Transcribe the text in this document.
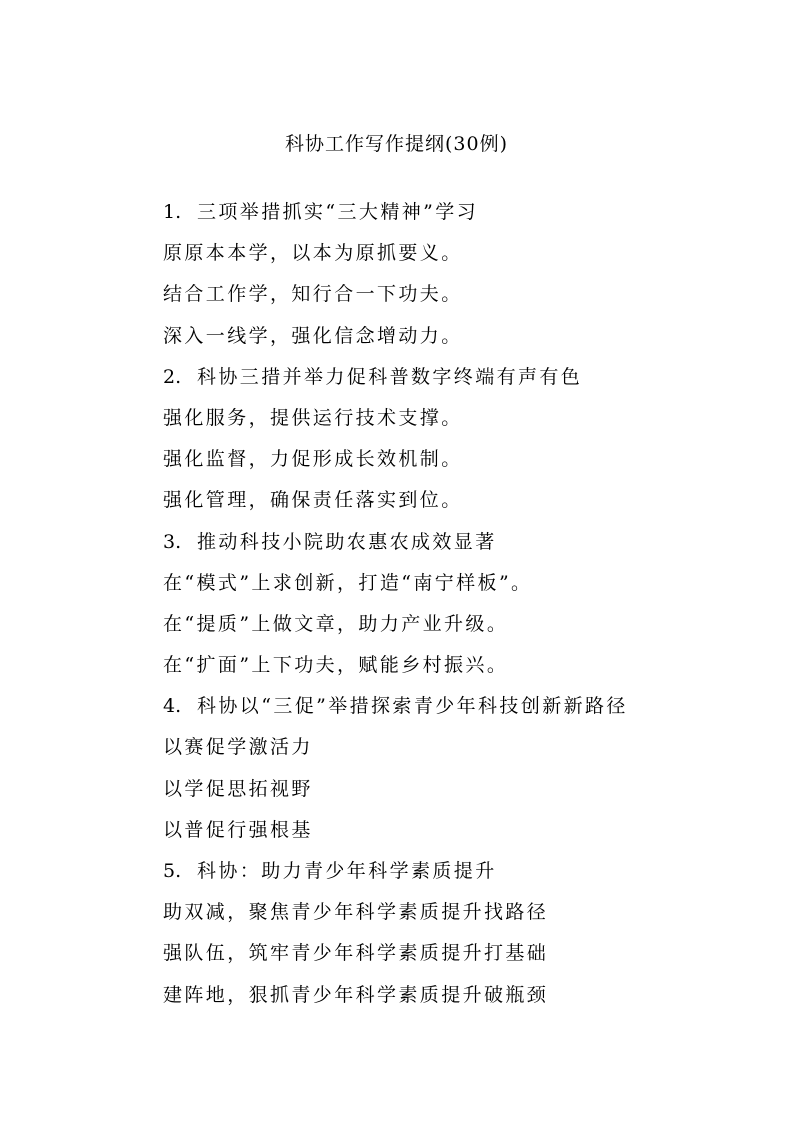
科协工作写作提纲(30例)
1. 三项举措抓实“三大精神”学习
原原本本学，以本为原抓要义。
结合工作学，知行合一下功夫。
深入一线学，强化信念增动力。
2. 科协三措并举力促科普数字终端有声有色
强化服务，提供运行技术支撑。
强化监督，力促形成长效机制。
强化管理，确保责任落实到位。
3. 推动科技小院助农惠农成效显著
在“模式”上求创新，打造“南宁样板”。
在“提质”上做文章，助力产业升级。
在“扩面”上下功夫，赋能乡村振兴。
4. 科协以“三促”举措探索青少年科技创新新路径
以赛促学激活力
以学促思拓视野
以普促行强根基
5. 科协：助力青少年科学素质提升
助双减，聚焦青少年科学素质提升找路径
强队伍，筑牢青少年科学素质提升打基础
建阵地，狠抓青少年科学素质提升破瓶颈
